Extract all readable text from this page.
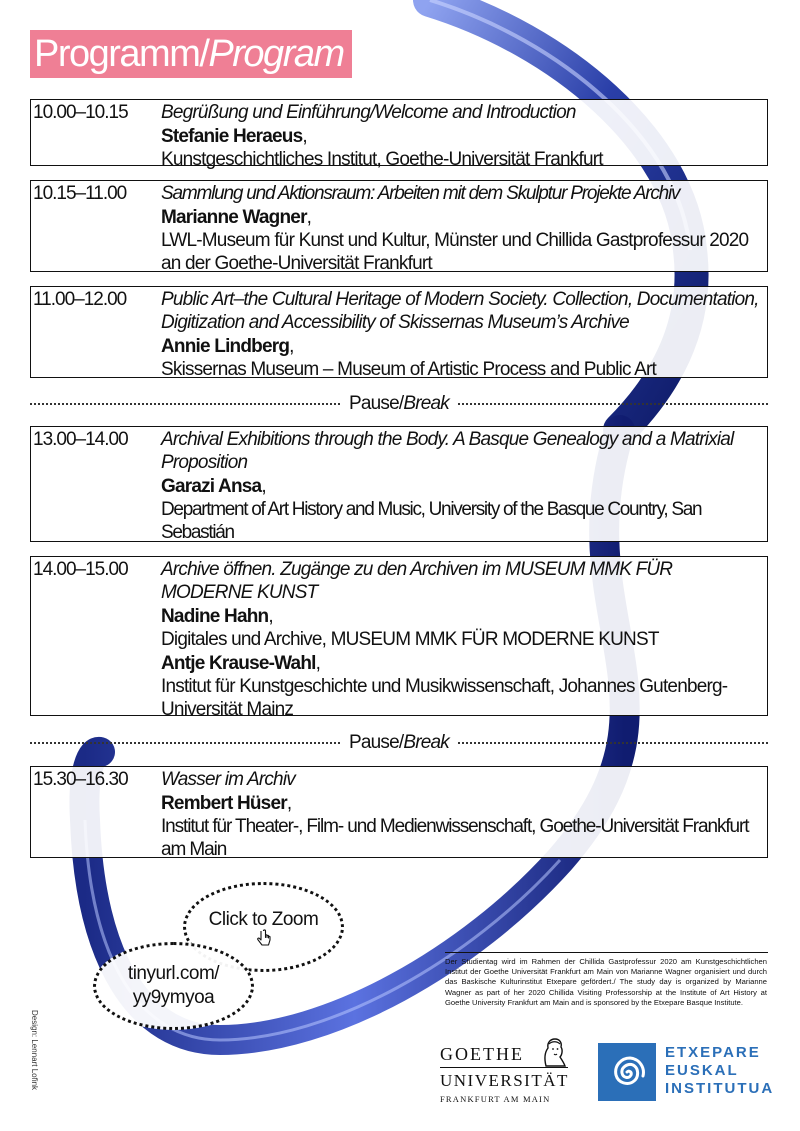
Programm/Program
10.00–10.15 Begrüßung und Einführung/Welcome and Introduction
Stefanie Heraeus,
Kunstgeschichtliches Institut, Goethe-Universität Frankfurt
10.15–11.00 Sammlung und Aktionsraum: Arbeiten mit dem Skulptur Projekte Archiv
Marianne Wagner,
LWL-Museum für Kunst und Kultur, Münster und Chillida Gastprofessur 2020 an der Goethe-Universität Frankfurt
11.00–12.00 Public Art–the Cultural Heritage of Modern Society. Collection, Documentation, Digitization and Accessibility of Skissernas Museum’s Archive
Annie Lindberg,
Skissernas Museum – Museum of Artistic Process and Public Art
Pause/Break
13.00–14.00 Archival Exhibitions through the Body. A Basque Genealogy and a Matrixial Proposition
Garazi Ansa,
Department of Art History and Music, University of the Basque Country, San Sebastián
14.00–15.00 Archive öffnen. Zugänge zu den Archiven im MUSEUM MMK FÜR MODERNE KUNST
Nadine Hahn,
Digitales und Archive, MUSEUM MMK FÜR MODERNE KUNST
Antje Krause-Wahl,
Institut für Kunstgeschichte und Musikwissenschaft, Johannes Gutenberg-Universität Mainz
Pause/Break
15.30–16.30 Wasser im Archiv
Rembert Hüser,
Institut für Theater-, Film- und Medienwissenschaft, Goethe-Universität Frankfurt am Main
Click to Zoom
tinyurl.com/
yy9ymyoa
Design: Lennart Lofink
Der Studientag wird im Rahmen der Chillida Gastprofessur 2020 am Kunstgeschichtlichen Institut der Goethe Universität Frankfurt am Main von Marianne Wagner organisiert und durch das Baskische Kulturinstitut Etxepare gefördert./ The study day is organized by Marianne Wagner as part of her 2020 Chillida Visiting Professorship at the Institute of Art History at Goethe University Frankfurt am Main and is sponsored by the Etxepare Basque Institute.
GOETHE
UNIVERSITÄT
FRANKFURT AM MAIN
ETXEPARE
EUSKAL
INSTITUTUA
